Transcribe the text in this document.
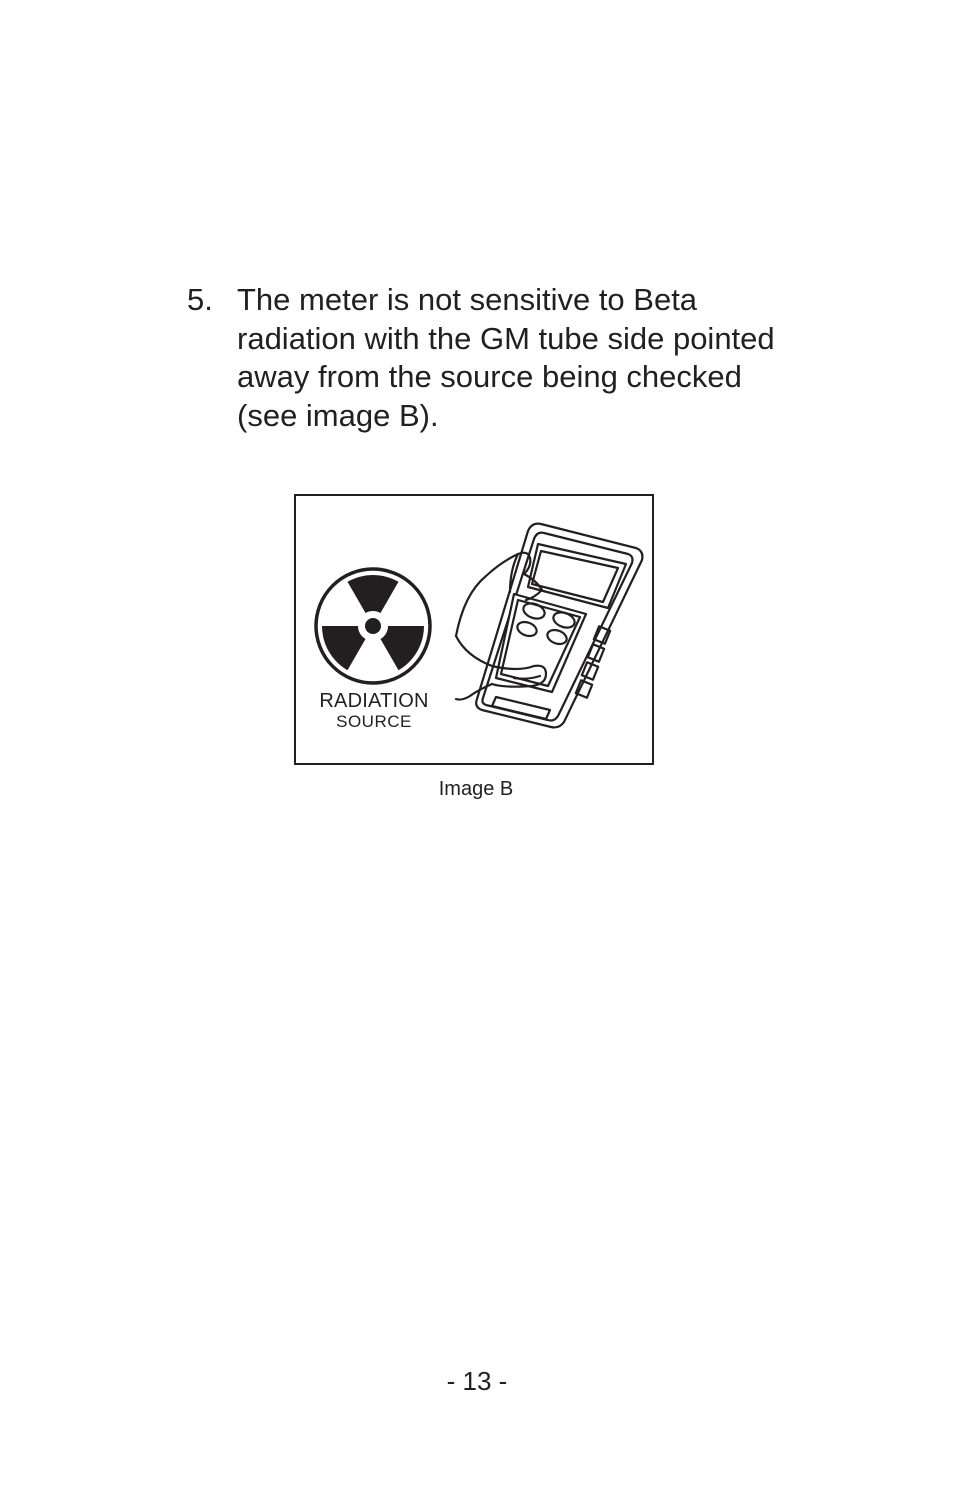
5. The meter is not sensitive to Beta radiation with the GM tube side pointed away from the source being checked (see image B).

RADIATION

SOURCE

Image B

- 13 -
